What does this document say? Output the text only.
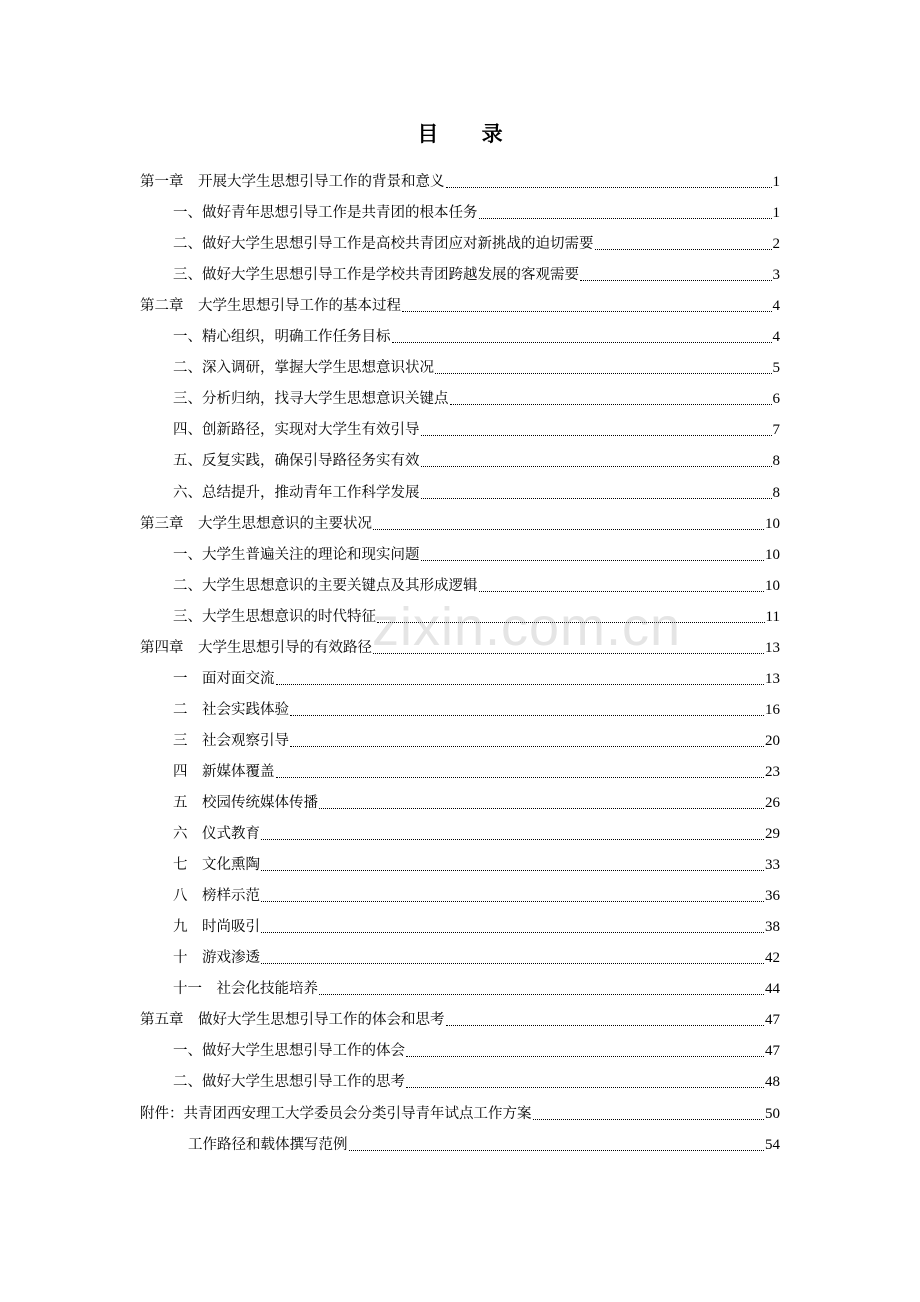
目 录
第一章　开展大学生思想引导工作的背景和意义	1
一、做好青年思想引导工作是共青团的根本任务	1
二、做好大学生思想引导工作是高校共青团应对新挑战的迫切需要	2
三、做好大学生思想引导工作是学校共青团跨越发展的客观需要	3
第二章　大学生思想引导工作的基本过程	4
一、精心组织，明确工作任务目标	4
二、深入调研，掌握大学生思想意识状况	5
三、分析归纳，找寻大学生思想意识关键点	6
四、创新路径，实现对大学生有效引导	7
五、反复实践，确保引导路径务实有效	8
六、总结提升，推动青年工作科学发展	8
第三章　大学生思想意识的主要状况	10
一、大学生普遍关注的理论和现实问题	10
二、大学生思想意识的主要关键点及其形成逻辑	10
三、大学生思想意识的时代特征	11
第四章　大学生思想引导的有效路径	13
一　面对面交流	13
二　社会实践体验	16
三　社会观察引导	20
四　新媒体覆盖	23
五　校园传统媒体传播	26
六　仪式教育	29
七　文化熏陶	33
八　榜样示范	36
九　时尚吸引	38
十　游戏渗透	42
十一　社会化技能培养	44
第五章　做好大学生思想引导工作的体会和思考	47
一、做好大学生思想引导工作的体会	47
二、做好大学生思想引导工作的思考	48
附件：共青团西安理工大学委员会分类引导青年试点工作方案	50
工作路径和载体撰写范例	54
zixin.com.cn
